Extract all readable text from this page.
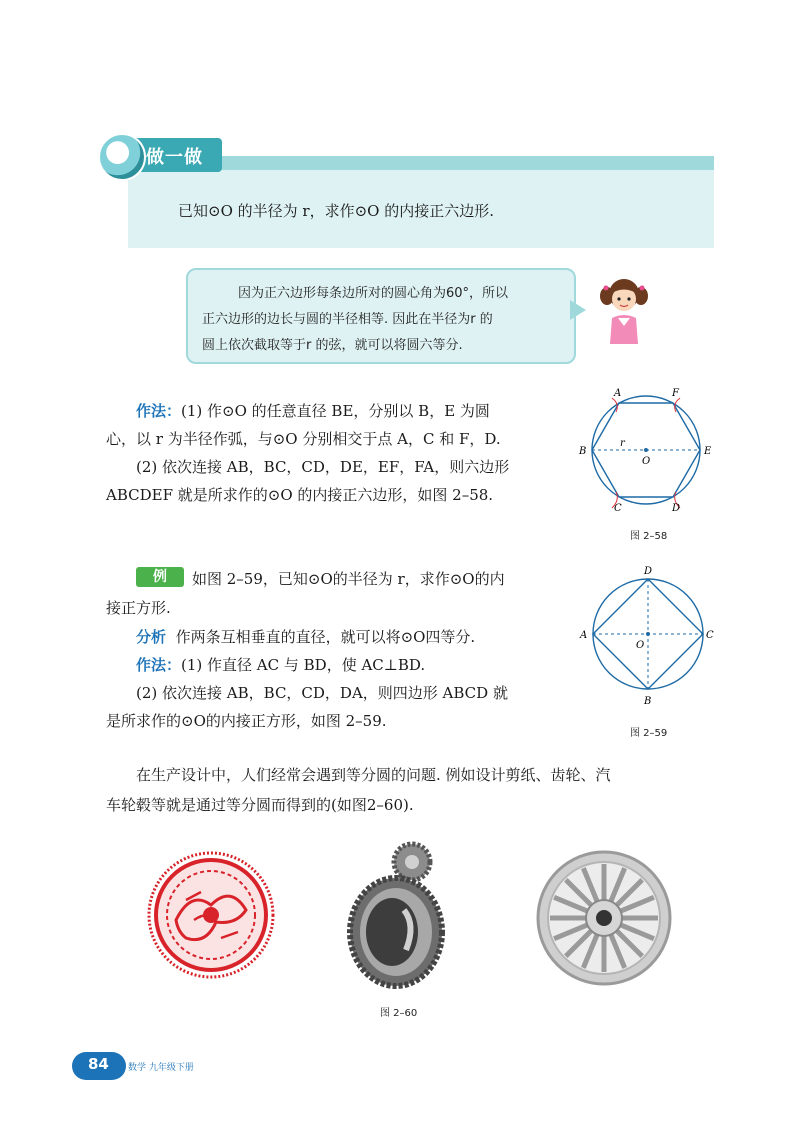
做一做
已知⊙O 的半径为 r，求作⊙O 的内接正六边形.
因为正六边形每条边所对的圆心角为60°，所以
正六边形的边长与圆的半径相等. 因此在半径为r 的
圆上依次截取等于r 的弦，就可以将圆六等分.
作法：(1) 作⊙O 的任意直径 BE，分别以 B，E 为圆
心，以 r 为半径作弧，与⊙O 分别相交于点 A，C 和 F，D.
(2) 依次连接 AB，BC，CD，DE，EF，FA，则六边形
ABCDEF 就是所求作的⊙O 的内接正六边形，如图 2–58.
A	F
B	E
C	D
O
r
图 2–58
例	如图 2–59，已知⊙O的半径为 r，求作⊙O的内
接正方形.
分析 作两条互相垂直的直径，就可以将⊙O四等分.
作法：(1) 作直径 AC 与 BD，使 AC⊥BD.
(2) 依次连接 AB，BC，CD，DA，则四边形 ABCD 就
是所求作的⊙O的内接正方形，如图 2–59.
D
A	C
B
O
图 2–59
在生产设计中，人们经常会遇到等分圆的问题. 例如设计剪纸、齿轮、汽
车轮毂等就是通过等分圆而得到的(如图2–60).
图 2–60
84 数学 九年级下册
